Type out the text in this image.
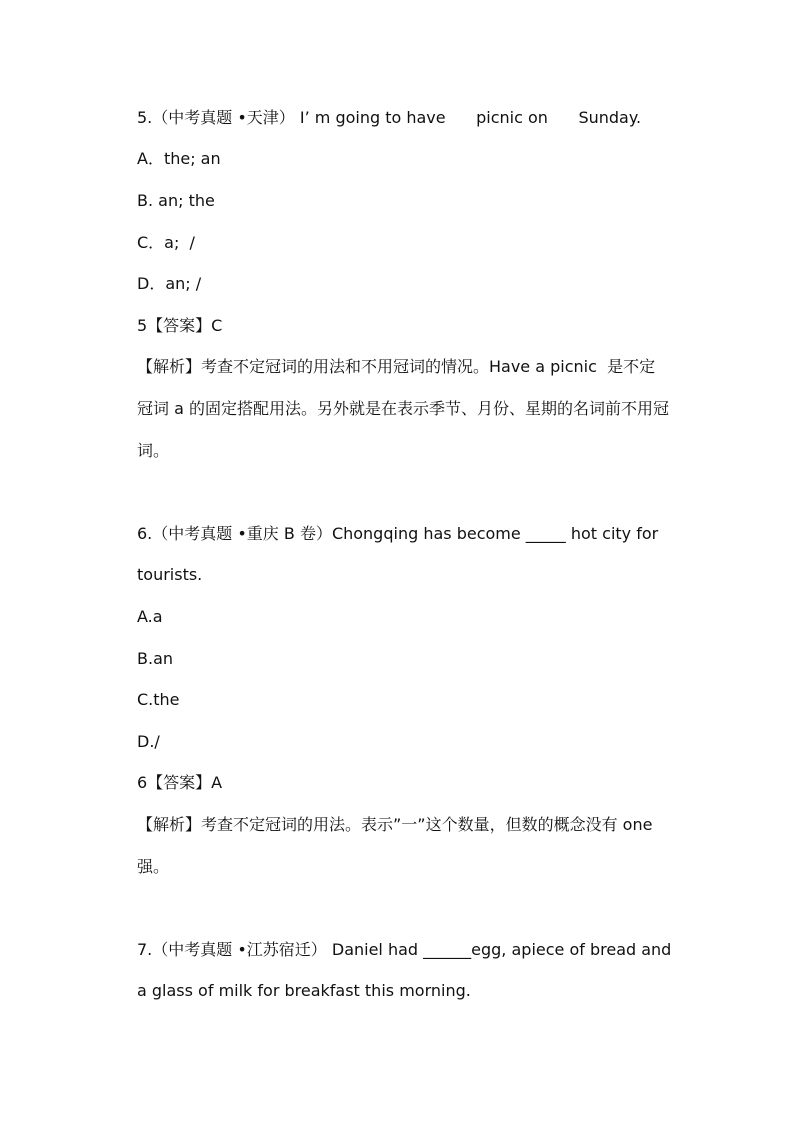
5.（中考真题 •天津） I’ m going to have      picnic on      Sunday.
A．the; an
B. an; the
C．a;  /
D．an; /
5【答案】C
【解析】考查不定冠词的用法和不用冠词的情况。Have a picnic  是不定
冠词 a 的固定搭配用法。另外就是在表示季节、月份、星期的名词前不用冠
词。
6.（中考真题 •重庆 B 卷）Chongqing has become _____ hot city for
tourists.
A.a
B.an
C.the
D./
6【答案】A
【解析】考查不定冠词的用法。表示”一”这个数量，但数的概念没有 one
强。
7.（中考真题 •江苏宿迁） Daniel had ______egg, apiece of bread and
a glass of milk for breakfast this morning.
